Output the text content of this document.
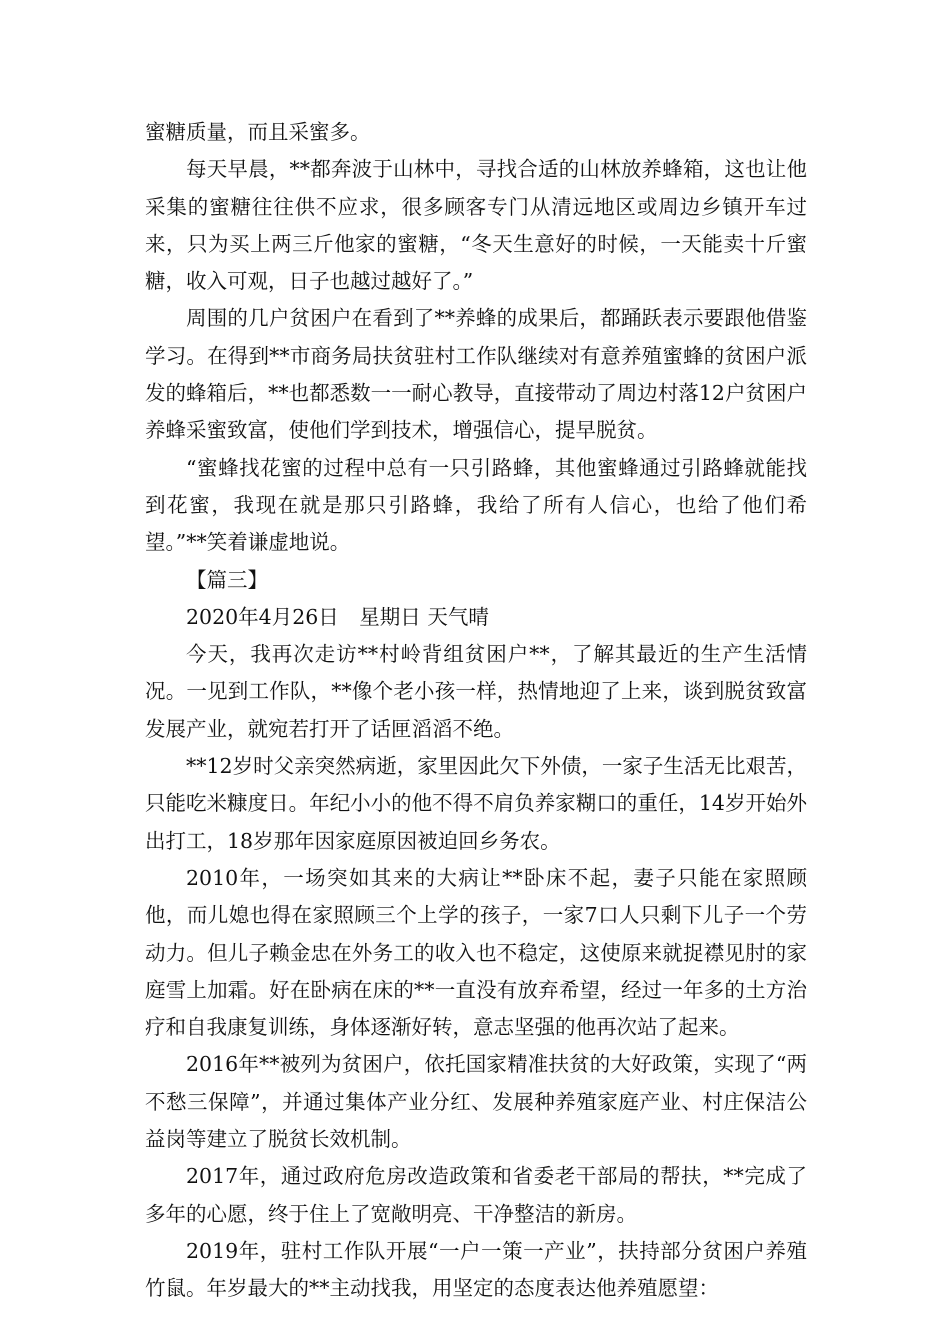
蜜糖质量，而且采蜜多。

每天早晨，**都奔波于山林中，寻找合适的山林放养蜂箱，这也让他采集的蜜糖往往供不应求，很多顾客专门从清远地区或周边乡镇开车过来，只为买上两三斤他家的蜜糖，“冬天生意好的时候，一天能卖十斤蜜糖，收入可观，日子也越过越好了。”

周围的几户贫困户在看到了**养蜂的成果后，都踊跃表示要跟他借鉴学习。在得到**市商务局扶贫驻村工作队继续对有意养殖蜜蜂的贫困户派发的蜂箱后，**也都悉数一一耐心教导，直接带动了周边村落12户贫困户养蜂采蜜致富，使他们学到技术，增强信心，提早脱贫。

“蜜蜂找花蜜的过程中总有一只引路蜂，其他蜜蜂通过引路蜂就能找到花蜜，我现在就是那只引路蜂，我给了所有人信心，也给了他们希望。”**笑着谦虚地说。

【篇三】

2020年4月26日　星期日 天气晴

今天，我再次走访**村岭背组贫困户**，了解其最近的生产生活情况。一见到工作队，**像个老小孩一样，热情地迎了上来，谈到脱贫致富发展产业，就宛若打开了话匣滔滔不绝。

**12岁时父亲突然病逝，家里因此欠下外债，一家子生活无比艰苦，只能吃米糠度日。年纪小小的他不得不肩负养家糊口的重任，14岁开始外出打工，18岁那年因家庭原因被迫回乡务农。

2010年，一场突如其来的大病让**卧床不起，妻子只能在家照顾他，而儿媳也得在家照顾三个上学的孩子，一家7口人只剩下儿子一个劳动力。但儿子赖金忠在外务工的收入也不稳定，这使原来就捉襟见肘的家庭雪上加霜。好在卧病在床的**一直没有放弃希望，经过一年多的土方治疗和自我康复训练，身体逐渐好转，意志坚强的他再次站了起来。

2016年**被列为贫困户，依托国家精准扶贫的大好政策，实现了“两不愁三保障”，并通过集体产业分红、发展种养殖家庭产业、村庄保洁公益岗等建立了脱贫长效机制。

2017年，通过政府危房改造政策和省委老干部局的帮扶，**完成了多年的心愿，终于住上了宽敞明亮、干净整洁的新房。

2019年，驻村工作队开展“一户一策一产业”，扶持部分贫困户养殖竹鼠。年岁最大的**主动找我，用坚定的态度表达他养殖愿望：
